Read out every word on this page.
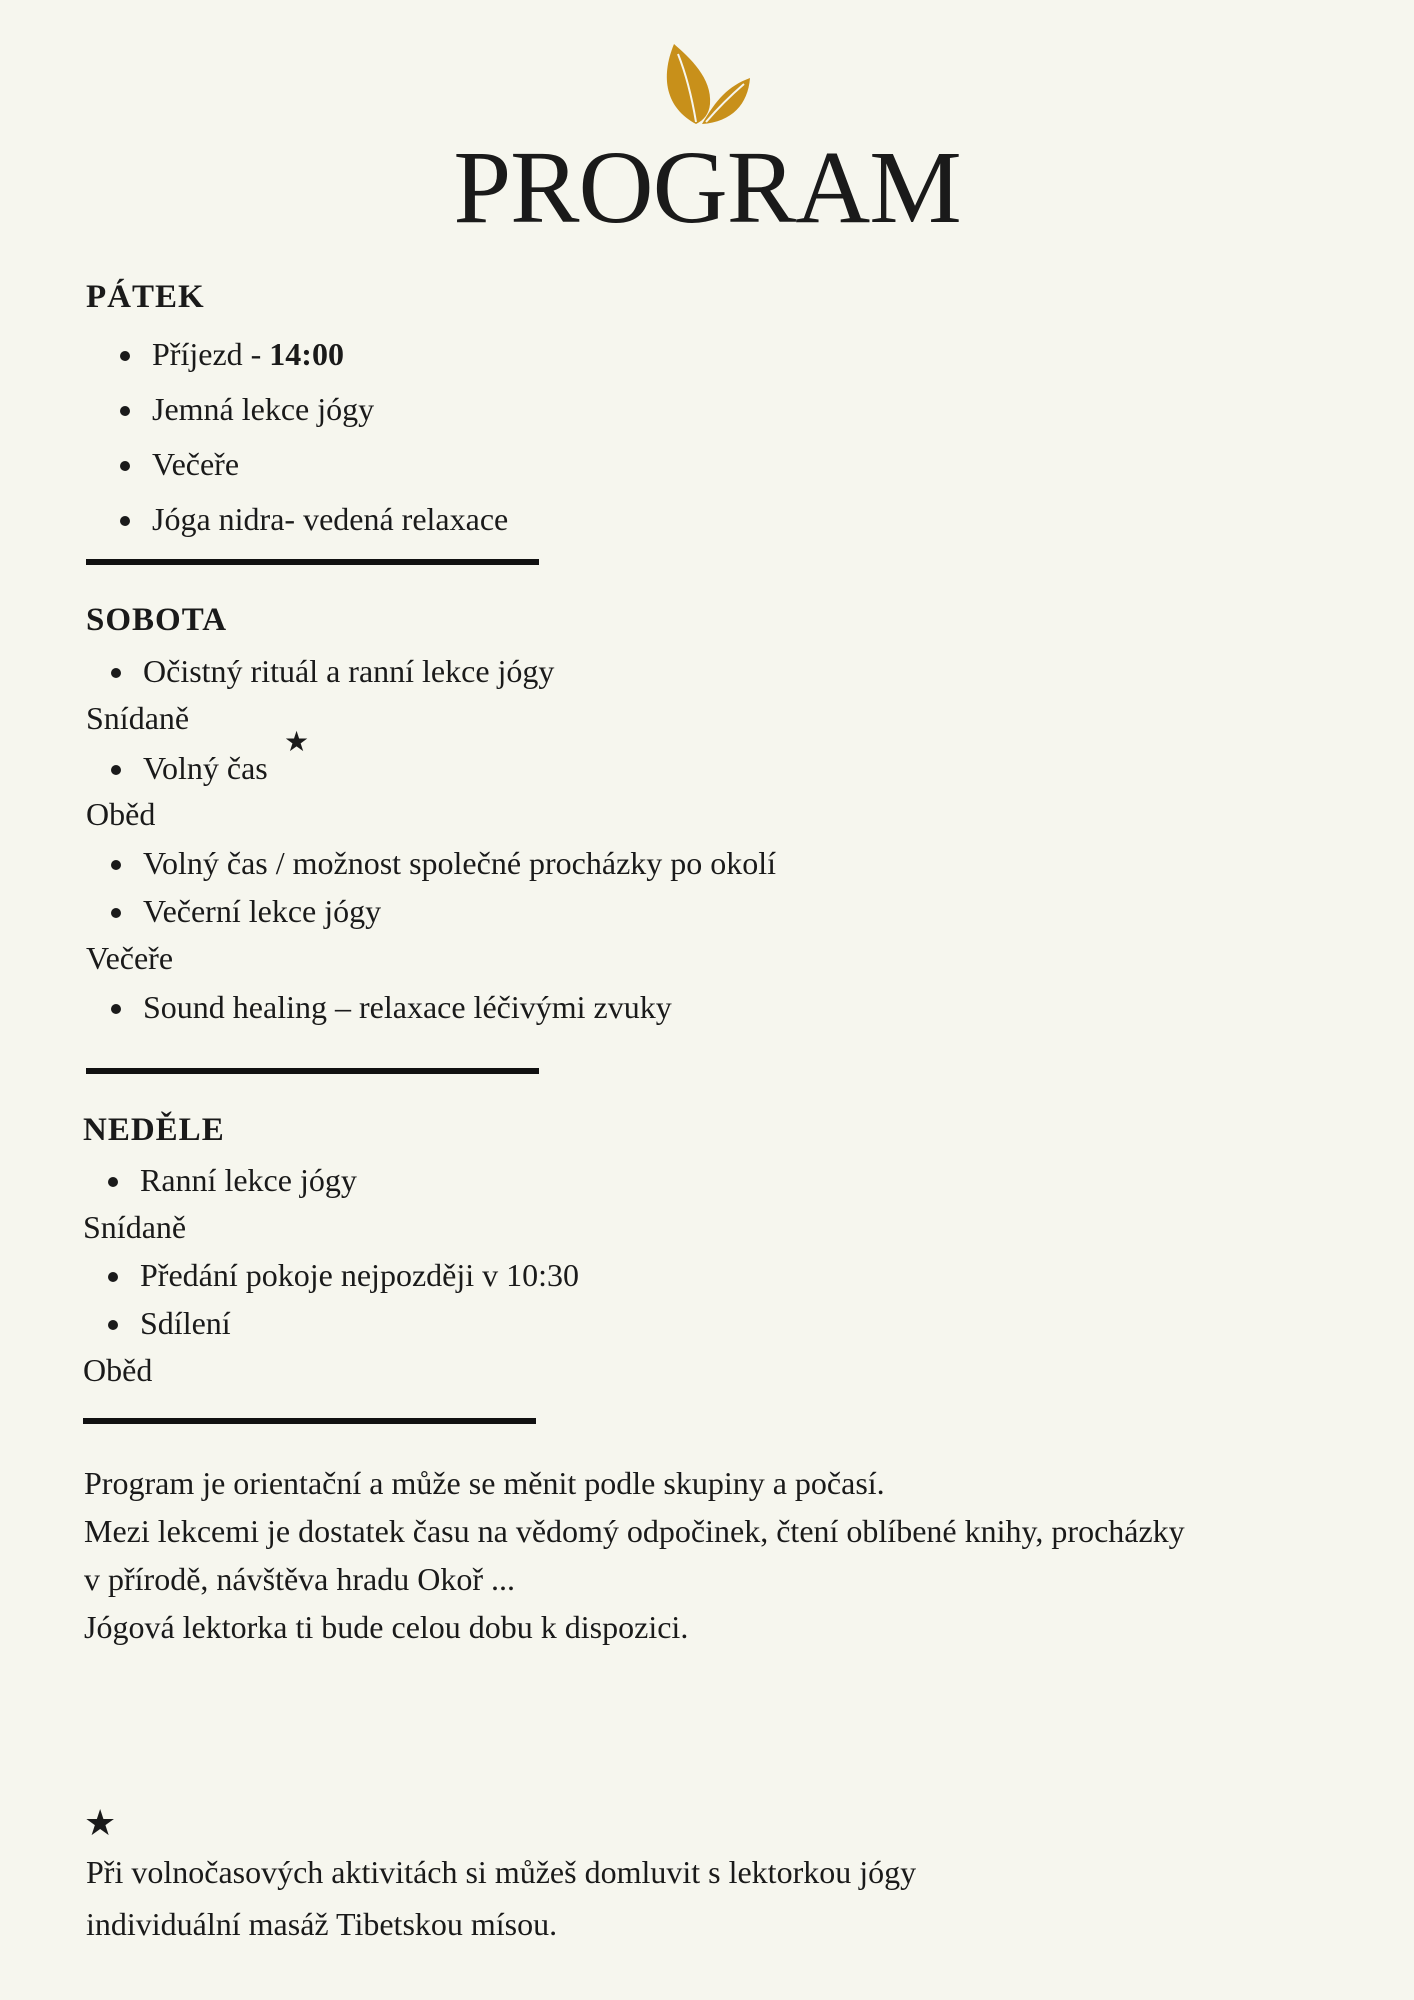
PROGRAM
PÁTEK
Příjezd - 14:00
Jemná lekce jógy
Večeře
Jóga nidra- vedená relaxace
SOBOTA
Očistný rituál a ranní lekce jógy
Snídaně
Volný čas
★
Oběd
Volný čas / možnost společné procházky po okolí
Večerní lekce jógy
Večeře
Sound healing – relaxace léčivými zvuky
NEDĚLE
Ranní lekce jógy
Snídaně
Předání pokoje nejpozději v 10:30
Sdílení
Oběd
Program je orientační a může se měnit podle skupiny a počasí.
Mezi lekcemi je dostatek času na vědomý odpočinek, čtení oblíbené knihy, procházky
v přírodě, návštěva hradu Okoř ...
Jógová lektorka ti bude celou dobu k dispozici.
★
Při volnočasových aktivitách si můžeš domluvit s lektorkou jógy
individuální masáž Tibetskou mísou.
